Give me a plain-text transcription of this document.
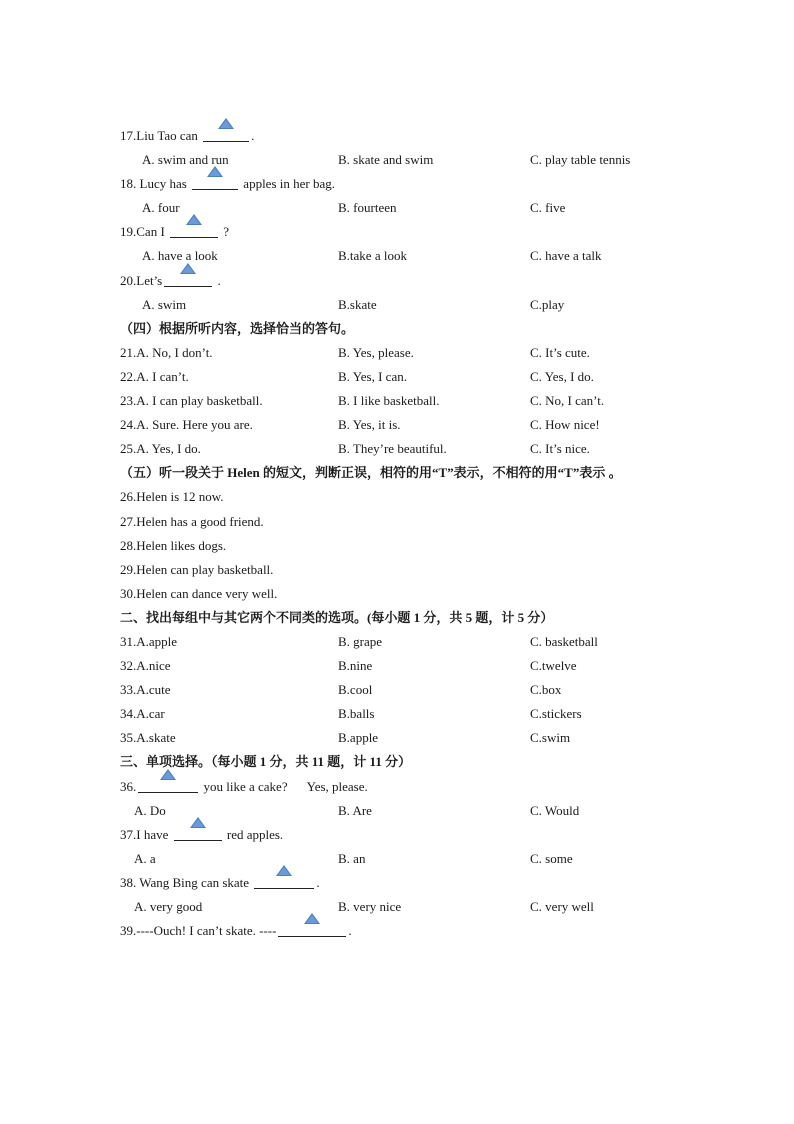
17.Liu Tao can	.
A. swim and run	B. skate and swim	C. play table tennis
18. Lucy has	apples in her bag.
A. four	B. fourteen	C. five
19.Can I	?
A. have a look	B.take a look	C. have a talk
20.Let’s	.
A. swim	B.skate	C.play
（四）根据所听内容，选择恰当的答句。
21.A. No, I don’t.	B. Yes, please.	C. It’s cute.
22.A. I can’t.	B. Yes, I can.	C. Yes, I do.
23.A. I can play basketball.	B. I like basketball.	C. No, I can’t.
24.A. Sure. Here you are.	B. Yes, it is.	C. How nice!
25.A. Yes, I do.	B. They’re beautiful.	C. It’s nice.
（五）听一段关于 Helen 的短文，判断正误，相符的用“T”表示，不相符的用“T”表示 。
26.Helen is 12 now.
27.Helen has a good friend.
28.Helen likes dogs.
29.Helen can play basketball.
30.Helen can dance very well.
二、找出每组中与其它两个不同类的选项。(每小题 1 分，共 5 题，计 5 分）
31.A.apple	B. grape	C. basketball
32.A.nice	B.nine	C.twelve
33.A.cute	B.cool	C.box
34.A.car	B.balls	C.stickers
35.A.skate	B.apple	C.swim
三、单项选择。（每小题 1 分，共 11 题，计 11 分）
36.	you like a cake?      Yes, please.
A. Do	B. Are	C. Would
37.I have	red apples.
A. a	B. an	C. some
38. Wang Bing can skate	.
A. very good	B. very nice	C. very well
39.----Ouch! I can’t skate. ----	.
